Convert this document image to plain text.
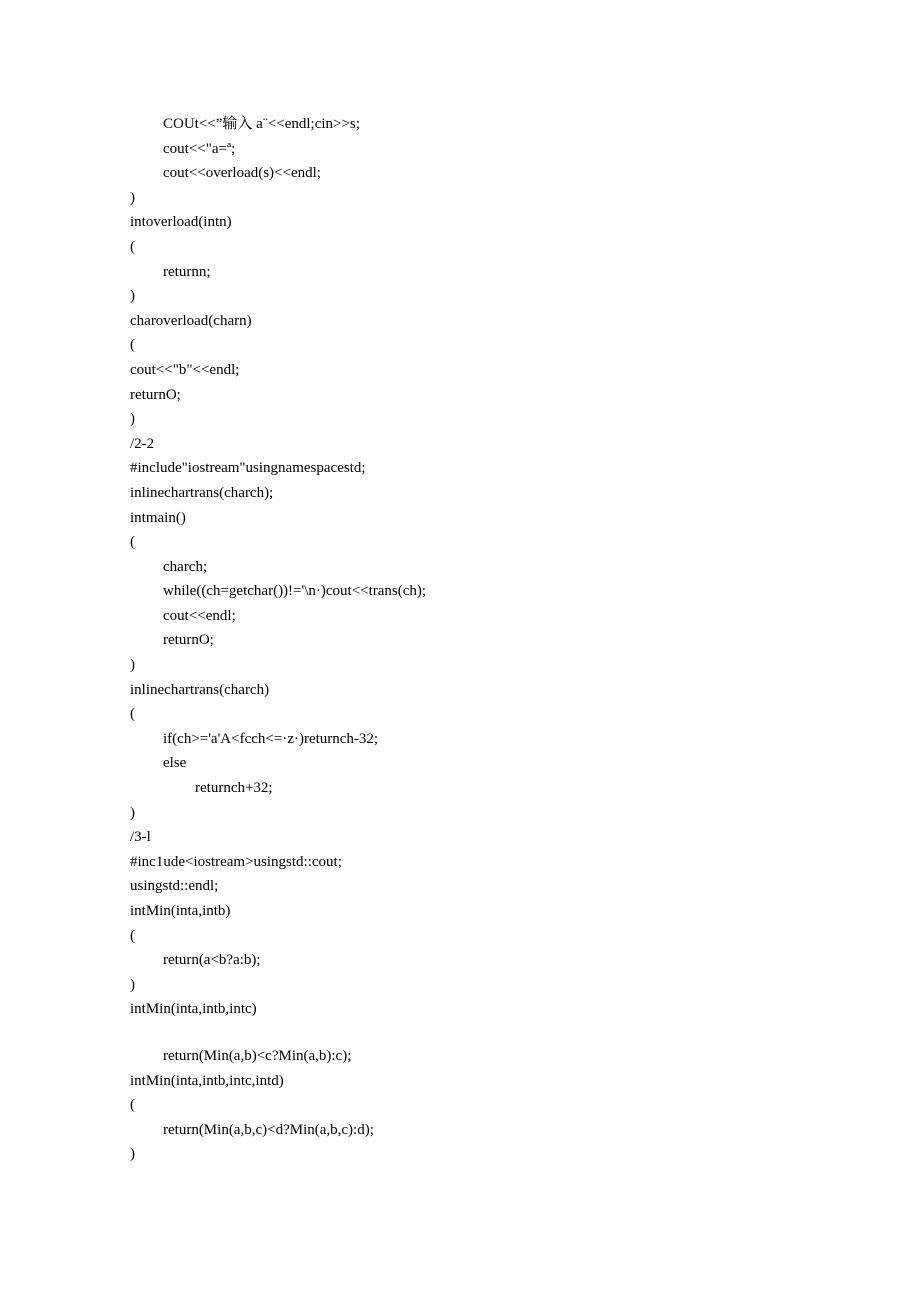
COUt<<”输入 a¨<<endl;cin>>s;
cout<<"a=ª;
cout<<overload(s)<<endl;
)
intoverload(intn)
(
returnn;
)
charoverload(charn)
(
cout<<"b"<<endl;
returnO;
)
/2-2
#include"iostream"usingnamespacestd;
inlinechartrans(charch);
intmain()
(
charch;
while((ch=getchar())!='\n·)cout<<trans(ch);
cout<<endl;
returnO;
)
inlinechartrans(charch)
(
if(ch>='a'A<fcch<=·z·)returnch-32;
else
returnch+32;
)
/3-l
#inc1ude<iostream>usingstd::cout;
usingstd::endl;
intMin(inta,intb)
(
return(a<b?a:b);
)
intMin(inta,intb,intc)
return(Min(a,b)<c?Min(a,b):c);
intMin(inta,intb,intc,intd)
(
return(Min(a,b,c)<d?Min(a,b,c):d);
)
